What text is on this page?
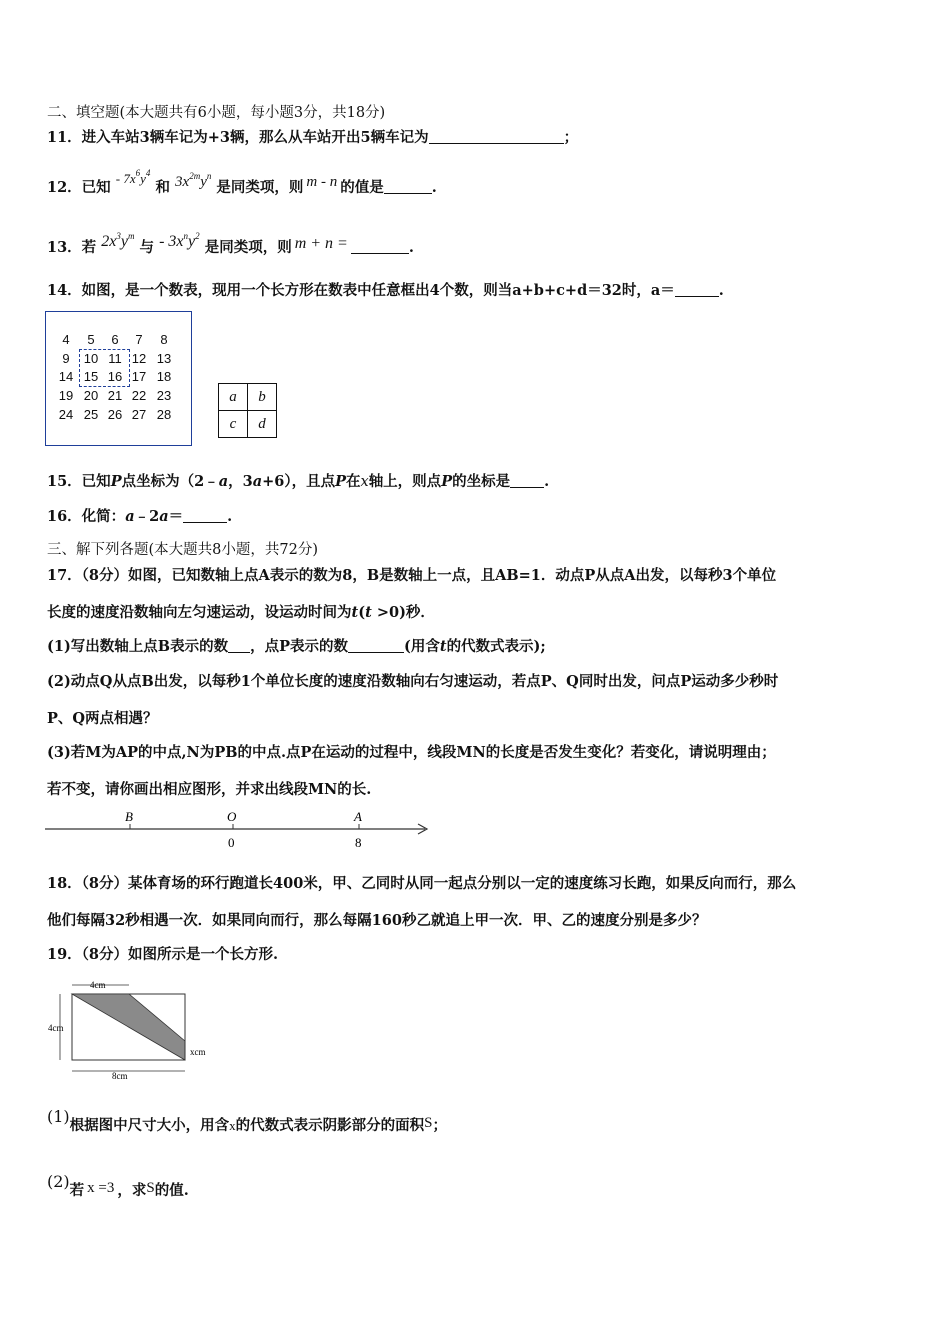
二、填空题(本大题共有6小题，每小题3分，共18分)
11．进入车站3辆车记为+3辆，那么从车站开出5辆车记为	；
12．已知 - $7x^6y^4$ 和 $3x^{2m}y^n$ 是同类项，则 m - n 的值是	.
13．若 $2x^3y^m$ 与 - $3x^ny^2$ 是同类项，则 m + n =	.
14．如图，是一个数表，现用一个长方形在数表中任意框出4个数，则当a+b+c+d＝32时，a＝	.
4	5	6	7	8
9	10 11 12 13
14 15 16 17 18
19 20 21 22 23
24 25 26 27 28
a	b
c	d
15．已知P点坐标为（2﹣a，3a+6），且点P在x轴上，则点P的坐标是 .
16．化简：a﹣2a＝	.
三、解下列各题(本大题共8小题，共72分)
17．（8分）如图，已知数轴上点A表示的数为8，B是数轴上一点，且AB=1．动点P从点A出发，以每秒3个单位
长度的速度沿数轴向左匀速运动，设运动时间为t(t >0)秒．
(1)写出数轴上点B表示的数 ，点P表示的数	(用含t的代数式表示);
(2)动点Q从点B出发，以每秒1个单位长度的速度沿数轴向右匀速运动，若点P、Q同时出发，问点P运动多少秒时
P、Q两点相遇？
(3)若M为AP的中点,N为PB的中点.点P在运动的过程中，线段MN的长度是否发生变化？若变化，请说明理由；
若不变，请你画出相应图形，并求出线段MN的长.
B	O	A
0	8
18．（8分）某体育场的环行跑道长400米，甲、乙同时从同一起点分别以一定的速度练习长跑，如果反向而行，那么
他们每隔32秒相遇一次．如果同向而行，那么每隔160秒乙就追上甲一次．甲、乙的速度分别是多少？
19．（8分）如图所示是一个长方形.
4cm
4cm
xcm
8cm
(1)根据图中尺寸大小，用含x的代数式表示阴影部分的面积S；
(2)若 x =3 ，求S的值.
